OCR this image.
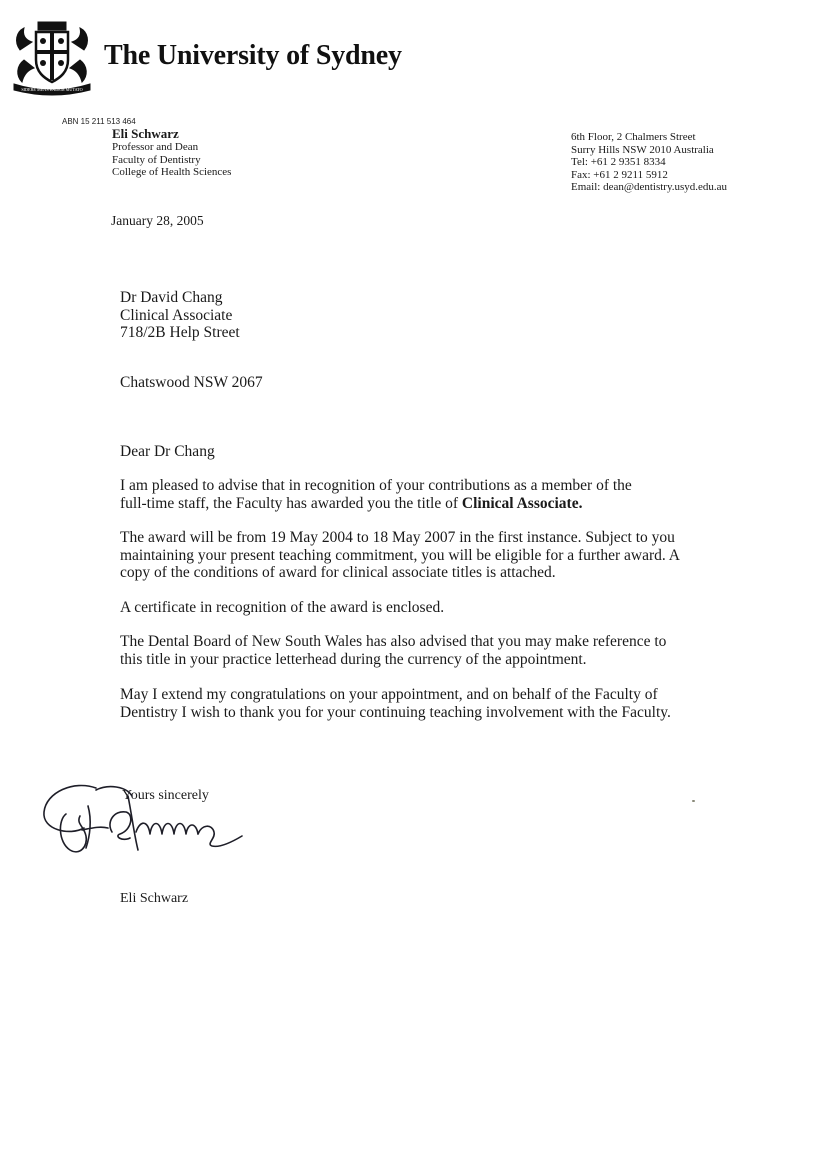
SIDERE MENS EADEM MUTATO
The University of Sydney
ABN 15 211 513 464
Eli Schwarz
Professor and Dean
Faculty of Dentistry
College of Health Sciences
6th Floor, 2 Chalmers Street
Surry Hills NSW 2010 Australia
Tel: +61 2 9351 8334
Fax: +61 2 9211 5912
Email: dean@dentistry.usyd.edu.au
January 28, 2005
Dr David Chang
Clinical Associate
718/2B Help Street
Chatswood NSW 2067
Dear Dr Chang
I am pleased to advise that in recognition of your contributions as a member of the
full-time staff, the Faculty has awarded you the title of Clinical Associate.
The award will be from 19 May 2004 to 18 May 2007 in the first instance. Subject to you
maintaining your present teaching commitment, you will be eligible for a further award. A
copy of the conditions of award for clinical associate titles is attached.
A certificate in recognition of the award is enclosed.
The Dental Board of New South Wales has also advised that you may make reference to
this title in your practice letterhead during the currency of the appointment.
May I extend my congratulations on your appointment, and on behalf of the Faculty of
Dentistry I wish to thank you for your continuing teaching involvement with the Faculty.
Yours sincerely
Eli Schwarz
